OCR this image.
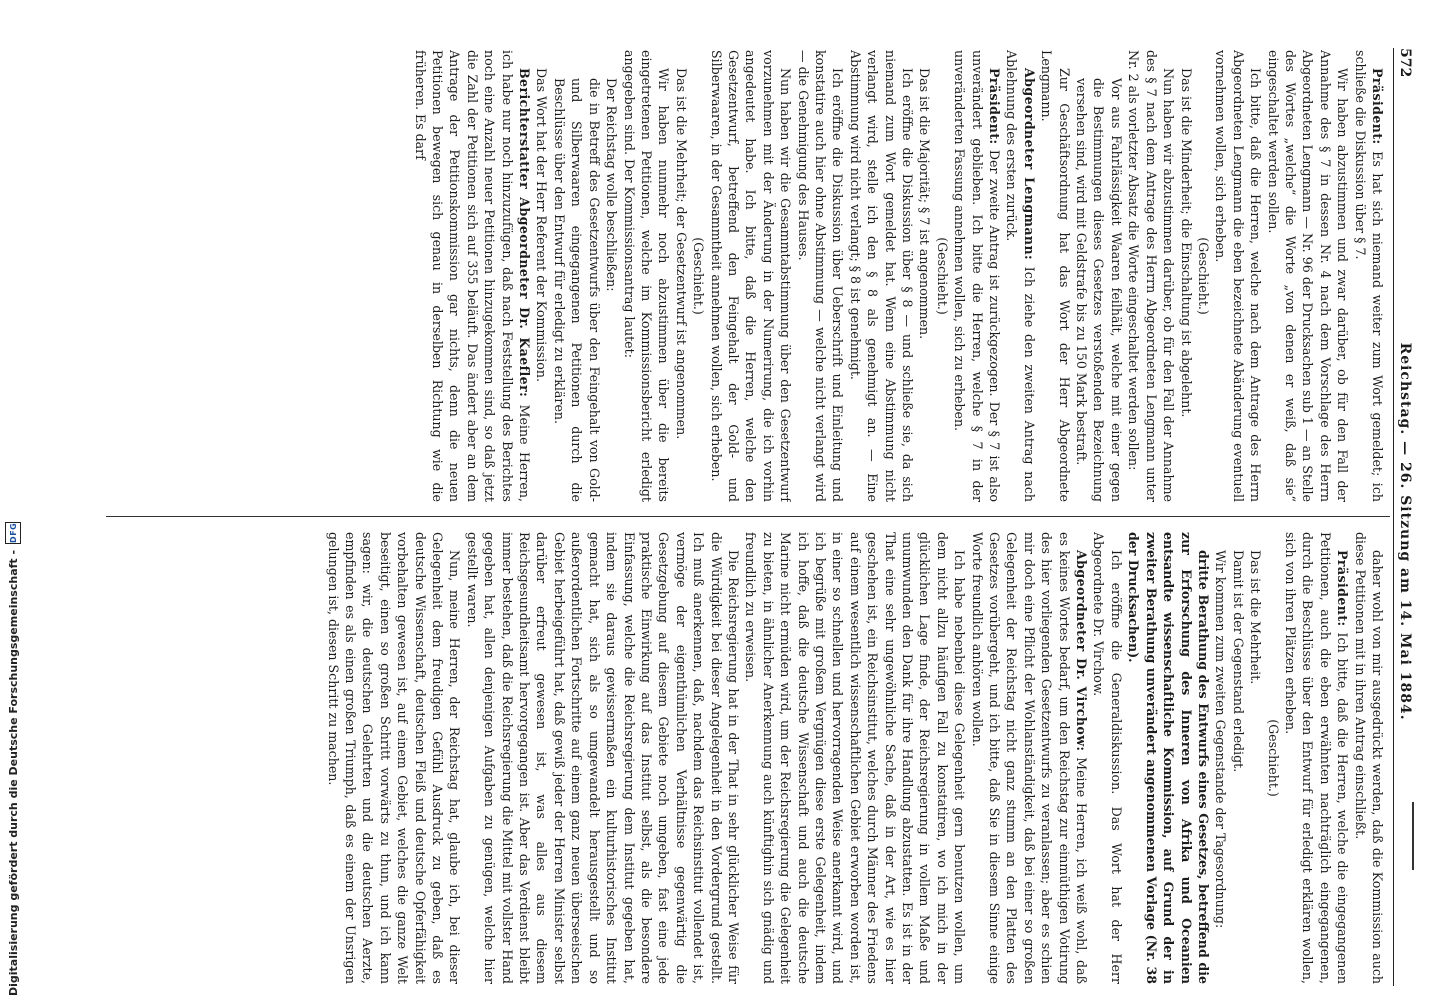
572
Reichstag. — 26. Sitzung am 14. Mai 1884.

Präsident: Es hat sich niemand weiter zum Wort gemeldet; ich schließe die Diskussion über § 7.

Wir haben abzustimmen und zwar darüber, ob für den Fall der Annahme des § 7 in dessen Nr. 4 nach dem Vorschlage des Herrn Abgeordneten Lengmann — Nr. 96 der Drucksachen sub 1 — an Stelle des Wortes „welche“ die Worte „von denen er weiß, daß sie“ eingeschaltet werden sollen.

Ich bitte, daß die Herren, welche nach dem Antrage des Herrn Abgeordneten Lengmann die eben bezeichnete Abänderung eventuell vornehmen wollen, sich erheben.

(Geschieht.)

Das ist die Minderheit; die Einschaltung ist abgelehnt.

Nun haben wir abzustimmen darüber, ob für den Fall der Annahme des § 7 nach dem Antrage des Herrn Abgeordneten Lengmann unter Nr. 2 als vorletzter Absatz die Worte eingeschaltet werden sollen:

Vor aus Fahrlässigkeit Waaren feilhält, welche mit einer gegen die Bestimmungen dieses Gesetzes verstoßenden Bezeichnung versehen sind, wird mit Geldstrafe bis zu 150 Mark bestraft.

Zur Geschäftsordnung hat das Wort der Herr Abgeordnete Lengmann.

Abgeordneter Lengmann: Ich ziehe den zweiten Antrag nach Ablehnung des ersten zurück.

Präsident: Der zweite Antrag ist zurückgezogen. Der § 7 ist also unverändert geblieben. Ich bitte die Herren, welche § 7 in der unveränderten Fassung annehmen wollen, sich zu erheben.

(Geschieht.)

Das ist die Majorität; § 7 ist angenommen.

Ich eröffne die Diskussion über § 8 — und schließe sie, da sich niemand zum Wort gemeldet hat. Wenn eine Abstimmung nicht verlangt wird, stelle ich den § 8 als genehmigt an. — Eine Abstimmung wird nicht verlangt; § 8 ist genehmigt.

Ich eröffne die Diskussion über Ueberschrift und Einleitung und konstatire auch hier ohne Abstimmung — welche nicht verlangt wird — die Genehmigung des Hauses.

Nun haben wir die Gesammtabstimmung über den Gesetzentwurf vorzunehmen mit der Änderung in der Numerirung, die ich vorhin angedeutet habe. Ich bitte, daß die Herren, welche den Gesetzentwurf, betreffend den Feingehalt der Gold- und Silberwaaren, in der Gesammtheit annehmen wollen, sich erheben.

(Geschieht.)

Das ist die Mehrheit; der Gesetzentwurf ist angenommen.

Wir haben nunmehr noch abzustimmen über die bereits eingetretenen Petitionen, welche im Kommissionsbericht erledigt angegeben sind. Der Kommissionsantrag lautet:

Der Reichstag wolle beschließen:

die in Betreff des Gesetzentwurfs über den Feingehalt von Gold- und Silberwaaren eingegangenen Petitionen durch die Beschlüsse über den Entwurf für erledigt zu erklären.

Das Wort hat der Herr Referent der Kommission.

Berichterstatter Abgeordneter Dr. Kaefler: Meine Herren, ich habe nur noch hinzuzufügen, daß nach Feststellung des Berichtes noch eine Anzahl neuer Petitionen hinzugekommen sind, so daß jetzt die Zahl der Petitionen sich auf 355 beläuft. Das ändert aber an dem Antrage der Petitionskommission gar nichts, denn die neuen Petitionen bewegen sich genau in derselben Richtung wie die früheren. Es darf

daher wohl von mir ausgedrückt werden, daß die Kommission auch diese Petitionen mit in ihren Antrag einschließt.

Präsident: Ich bitte, daß die Herren, welche die eingegangenen Petitionen, auch die eben erwähnten nachträglich eingegangenen, durch die Beschlüsse über den Entwurf für erledigt erklären wollen, sich von ihren Plätzen erheben.

(Geschieht.)

Das ist die Mehrheit.

Damit ist der Gegenstand erledigt.

Wir kommen zum zweiten Gegenstande der Tagesordnung:

dritte Berathung des Entwurfs eines Gesetzes, betreffend die zur Erforschung des Inneren von Afrika und Oceanien entsandte wissenschaftliche Kommission, auf Grund der in zweiter Berathung unverändert angenommenen Vorlage (Nr. 38 der Drucksachen).

Ich eröffne die Generaldiskussion. Das Wort hat der Herr Abgeordnete Dr. Virchow.

Abgeordneter Dr. Virchow: Meine Herren, ich weiß wohl, daß es keines Wortes bedarf, um den Reichstag zur einmüthigen Votirung des hier vorliegenden Gesetzentwurfs zu veranlassen; aber es schien mir doch eine Pflicht der Wohlanständigkeit, daß bei einer so großen Gelegenheit der Reichstag nicht ganz stumm an den Platten des Gesetzes vorübergeht, und ich bitte, daß Sie in diesem Sinne einige Worte freundlich anhören wollen.

Ich habe nebenbei diese Gelegenheit gern benutzen wollen, um dem nicht allzu häufigen Fall zu konstatiren, wo ich mich in der glücklichen Lage finde, der Reichsregierung in vollem Maße und unumwunden den Dank für ihre Handlung abzustatten. Es ist in der That eine sehr ungewöhnliche Sache, daß in der Art, wie es hier geschehen ist, ein Reichsinstitut, welches durch Männer des Friedens auf einem wesentlich wissenschaftlichen Gebiet erworben worden ist, in einer so schnellen und hervorragenden Weise anerkannt wird, und ich begrüße mit großem Vergnügen diese erste Gelegenheit, indem ich hoffe, daß die deutsche Wissenschaft und auch die deutsche Marine nicht ermüden wird, um der Reichsregierung die Gelegenheit zu bieten, in ähnlicher Anerkennung auch künftighin sich gnädig und freundlich zu erweisen.

Die Reichsregierung hat in der That in sehr glücklicher Weise für die Würdigkeit bei dieser Angelegenheit in den Vordergrund gestellt. Ich muß anerkennen, daß, nachdem das Reichsinstitut vollendet ist, vermöge der eigenthümlichen Verhältnisse gegenwärtig die Gesetzgebung auf diesem Gebiete noch umgeben, fast eine jede praktische Einwirkung auf das Institut selbst, als die besondere Einfassung, welche die Reichsregierung dem Institut gegeben hat, indem sie daraus gewissermaßen ein kulturhistorisches Institut gemacht hat, sich als so umgewandelt herausgestellt und so außerordentlichen Fortschritte auf einem ganz neuen überseeischen Gebiet herbeigeführt hat, daß gewiß jeder der Herren Minister selbst darüber erfreut gewesen ist, was alles aus diesem Reichsgesundheitsamt hervorgegangen ist. Aber das Verdienst bleibt immer bestehen, daß die Reichsregierung die Mittel mit vollster Hand gegeben hat, allen denjenigen Aufgaben zu genügen, welche hier gestellt waren.

Nun, meine Herren, der Reichstag hat, glaube ich, bei dieser Gelegenheit dem freudigen Gefühl Ausdruck zu geben, daß es deutsche Wissenschaft, deutschen Fleiß und deutsche Opferfähigkeit vorbehalten gewesen ist, auf einem Gebiet, welches die ganze Welt beseitigt, einen so großen Schritt vorwärts zu thun, und ich kann sagen: wir, die deutschen Gelehrten und die deutschen Aerzte, empfinden es als einen großen Triumph, daß es einem der Unsrigen gelungen ist, diesen Schritt zu machen.

Digitalisierung gefördert durch die Deutsche Forschungsgemeinschaft -
DFG
